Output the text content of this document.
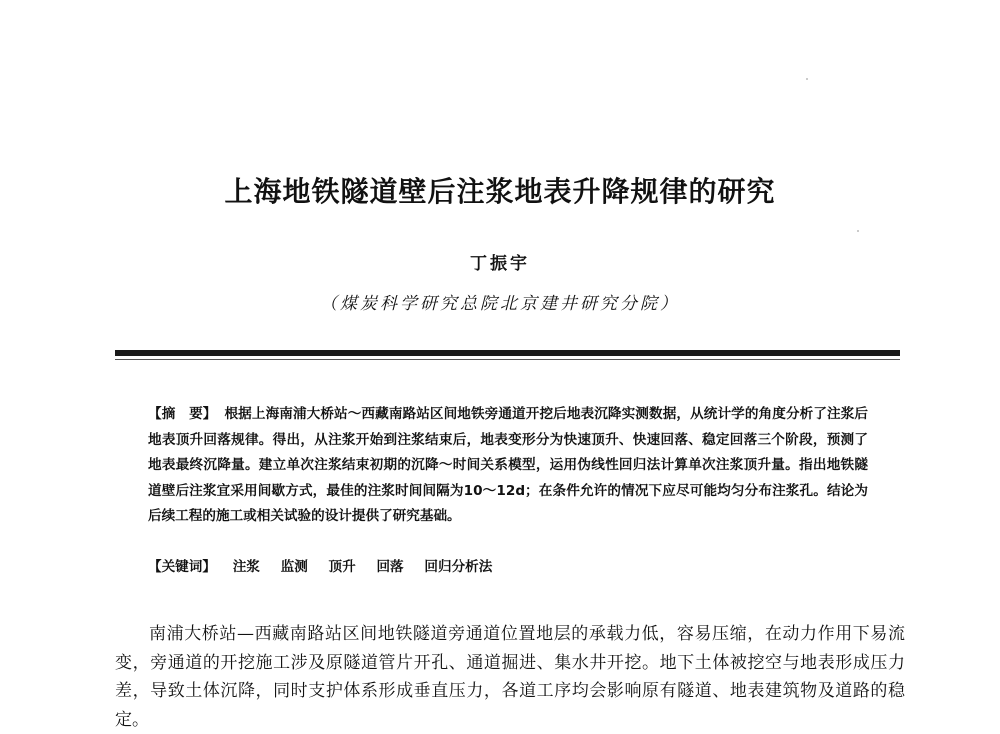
上海地铁隧道壁后注浆地表升降规律的研究

丁振宇

（煤炭科学研究总院北京建井研究分院）

【摘　要】 根据上海南浦大桥站～西藏南路站区间地铁旁通道开挖后地表沉降实测数据，从统计学的角度分析了注浆后地表顶升回落规律。得出，从注浆开始到注浆结束后，地表变形分为快速顶升、快速回落、稳定回落三个阶段，预测了地表最终沉降量。建立单次注浆结束初期的沉降～时间关系模型，运用伪线性回归法计算单次注浆顶升量。指出地铁隧道壁后注浆宜采用间歇方式，最佳的注浆时间间隔为10～12d；在条件允许的情况下应尽可能均匀分布注浆孔。结论为后续工程的施工或相关试验的设计提供了研究基础。

【关键词】 注浆 监测 顶升 回落 回归分析法

南浦大桥站—西藏南路站区间地铁隧道旁通道位置地层的承载力低，容易压缩，在动力作用下易流变，旁通道的开挖施工涉及原隧道管片开孔、通道掘进、集水井开挖。地下土体被挖空与地表形成压力差，导致土体沉降，同时支护体系形成垂直压力，各道工序均会影响原有隧道、地表建筑物及道路的稳定。
